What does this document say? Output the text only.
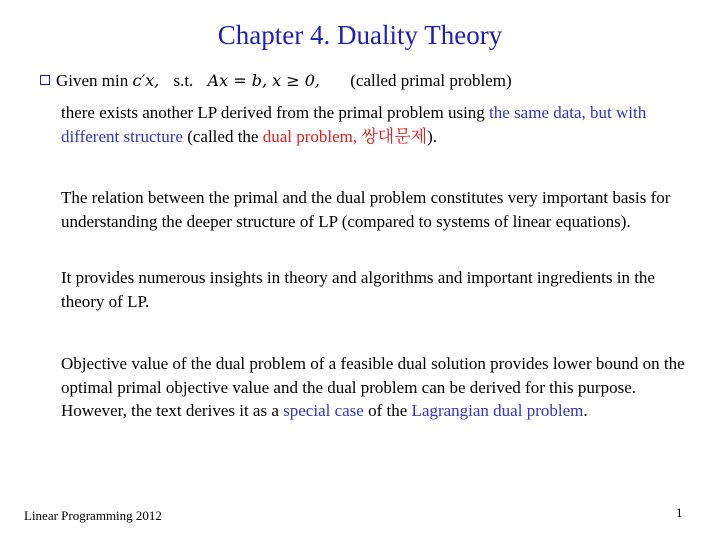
Chapter 4. Duality Theory
Given min c′x, s.t. Ax = b, x ≥ 0, (called primal problem)
there exists another LP derived from the primal problem using the same data, but with different structure (called the dual problem, 쌍대문제).
The relation between the primal and the dual problem constitutes very important basis for understanding the deeper structure of LP (compared to systems of linear equations).
It provides numerous insights in theory and algorithms and important ingredients in the theory of LP.
Objective value of the dual problem of a feasible dual solution provides lower bound on the optimal primal objective value and the dual problem can be derived for this purpose. However, the text derives it as a special case of the Lagrangian dual problem.
Linear Programming 2012	1
